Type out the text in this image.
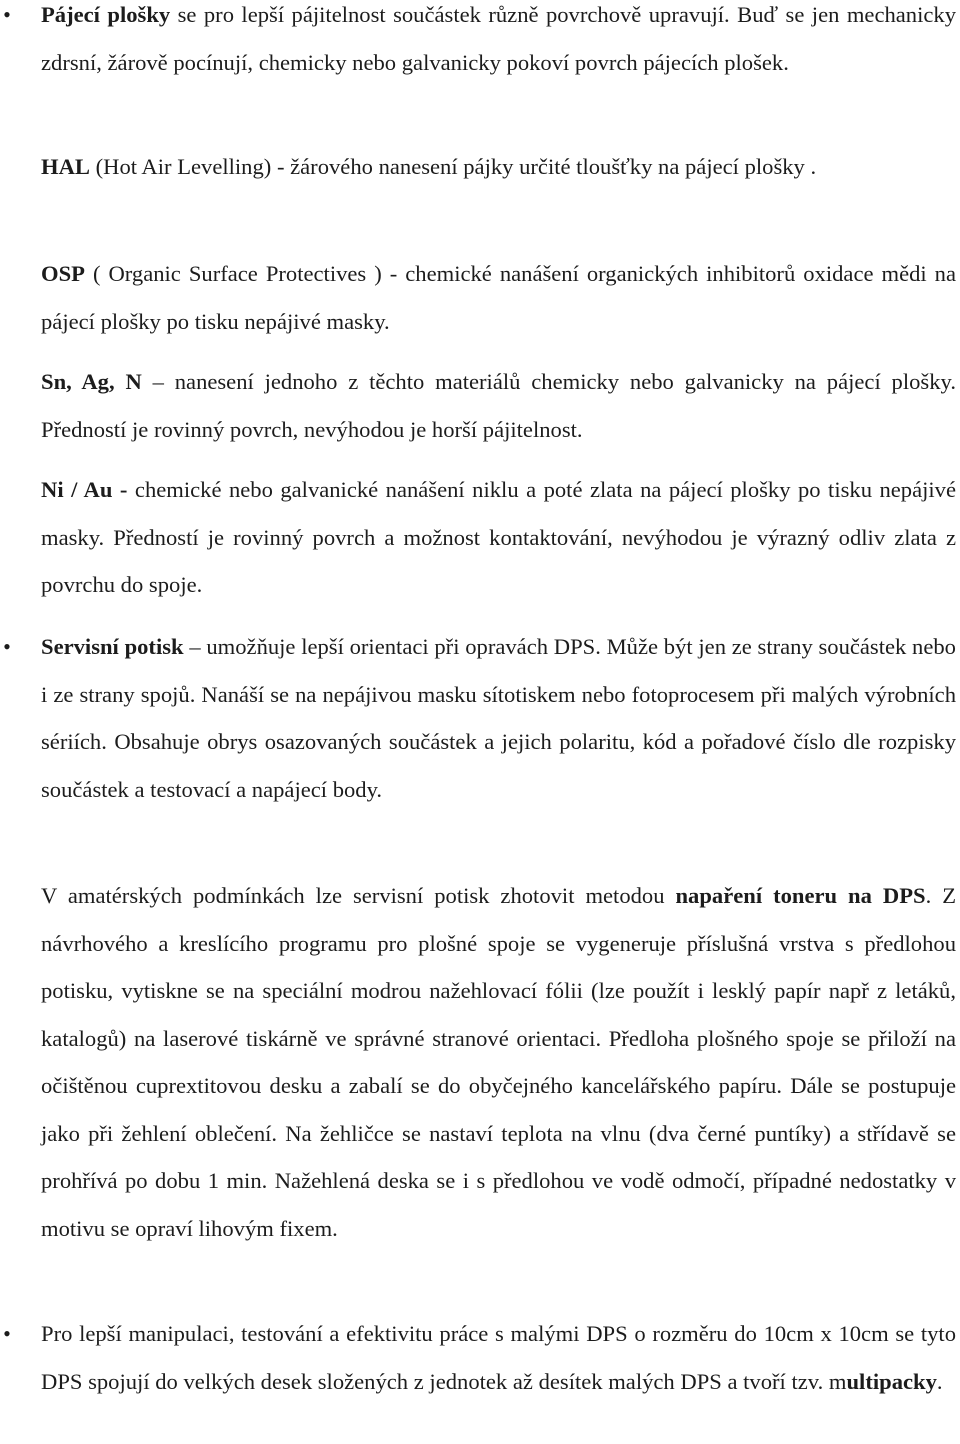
• Pájecí plošky se pro lepší pájitelnost součástek různě povrchově upravují. Buď se jen mechanicky zdrsní, žárově pocínují, chemicky nebo galvanicky pokoví povrch pájecích plošek.
HAL (Hot Air Levelling) - žárového nanesení pájky určité tloušťky na pájecí plošky .
OSP ( Organic Surface Protectives ) - chemické nanášení organických inhibitorů oxidace mědi na pájecí plošky po tisku nepájivé masky.
Sn, Ag, N – nanesení jednoho z těchto materiálů chemicky nebo galvanicky na pájecí plošky. Předností je rovinný povrch, nevýhodou je horší pájitelnost.
Ni / Au - chemické nebo galvanické nanášení niklu a poté zlata na pájecí plošky po tisku nepájivé masky. Předností je rovinný povrch a možnost kontaktování, nevýhodou je výrazný odliv zlata z povrchu do spoje.
• Servisní potisk – umožňuje lepší orientaci při opravách DPS. Může být jen ze strany součástek nebo i ze strany spojů. Nanáší se na nepájivou masku sítotiskem nebo fotoprocesem při malých výrobních sériích. Obsahuje obrys osazovaných součástek a jejich polaritu, kód a pořadové číslo dle rozpisky součástek a testovací a napájecí body.
V amatérských podmínkách lze servisní potisk zhotovit metodou napaření toneru na DPS. Z návrhového a kreslícího programu pro plošné spoje se vygeneruje příslušná vrstva s předlohou potisku, vytiskne se na speciální modrou nažehlovací fólii (lze použít i lesklý papír např z letáků, katalogů) na laserové tiskárně ve správné stranové orientaci. Předloha plošného spoje se přiloží na očištěnou cuprextitovou desku a zabalí se do obyčejného kancelářského papíru. Dále se postupuje jako při žehlení oblečení. Na žehličce se nastaví teplota na vlnu (dva černé puntíky) a střídavě se prohřívá po dobu 1 min. Nažehlená deska se i s předlohou ve vodě odmočí, případné nedostatky v motivu se opraví lihovým fixem.
• Pro lepší manipulaci, testování a efektivitu práce s malými DPS o rozměru do 10cm x 10cm se tyto DPS spojují do velkých desek složených z jednotek až desítek malých DPS a tvoří tzv. multipacky.
